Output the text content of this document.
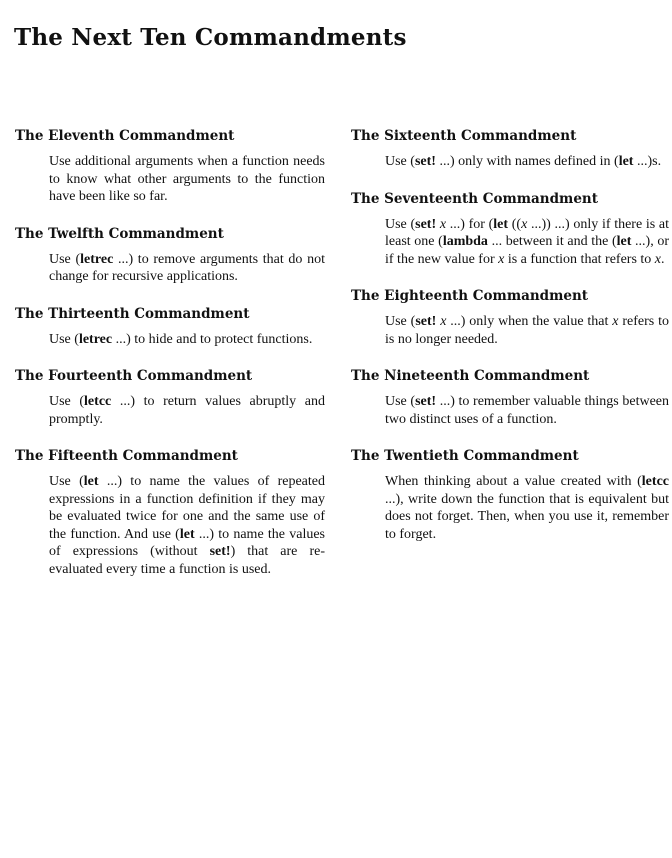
The Next Ten Commandments
The Eleventh Commandment

Use additional arguments when a function needs to know what other arguments to the function have been like so far.

The Twelfth Commandment

Use (letrec ...) to remove arguments that do not change for recursive applications.

The Thirteenth Commandment

Use (letrec ...) to hide and to protect functions.

The Fourteenth Commandment

Use (letcc ...) to return values abruptly and promptly.

The Fifteenth Commandment

Use (let ...) to name the values of repeated expressions in a function definition if they may be evaluated twice for one and the same use of the function. And use (let ...) to name the values of expressions (without set!) that are re-evaluated every time a function is used.

The Sixteenth Commandment

Use (set! ...) only with names defined in (let ...)s.

The Seventeenth Commandment

Use (set! x ...) for (let ((x ...)) ...) only if there is at least one (lambda ... between it and the (let ...), or if the new value for x is a function that refers to x.

The Eighteenth Commandment

Use (set! x ...) only when the value that x refers to is no longer needed.

The Nineteenth Commandment

Use (set! ...) to remember valuable things between two distinct uses of a function.

The Twentieth Commandment

When thinking about a value created with (letcc ...), write down the function that is equivalent but does not forget. Then, when you use it, remember to forget.
